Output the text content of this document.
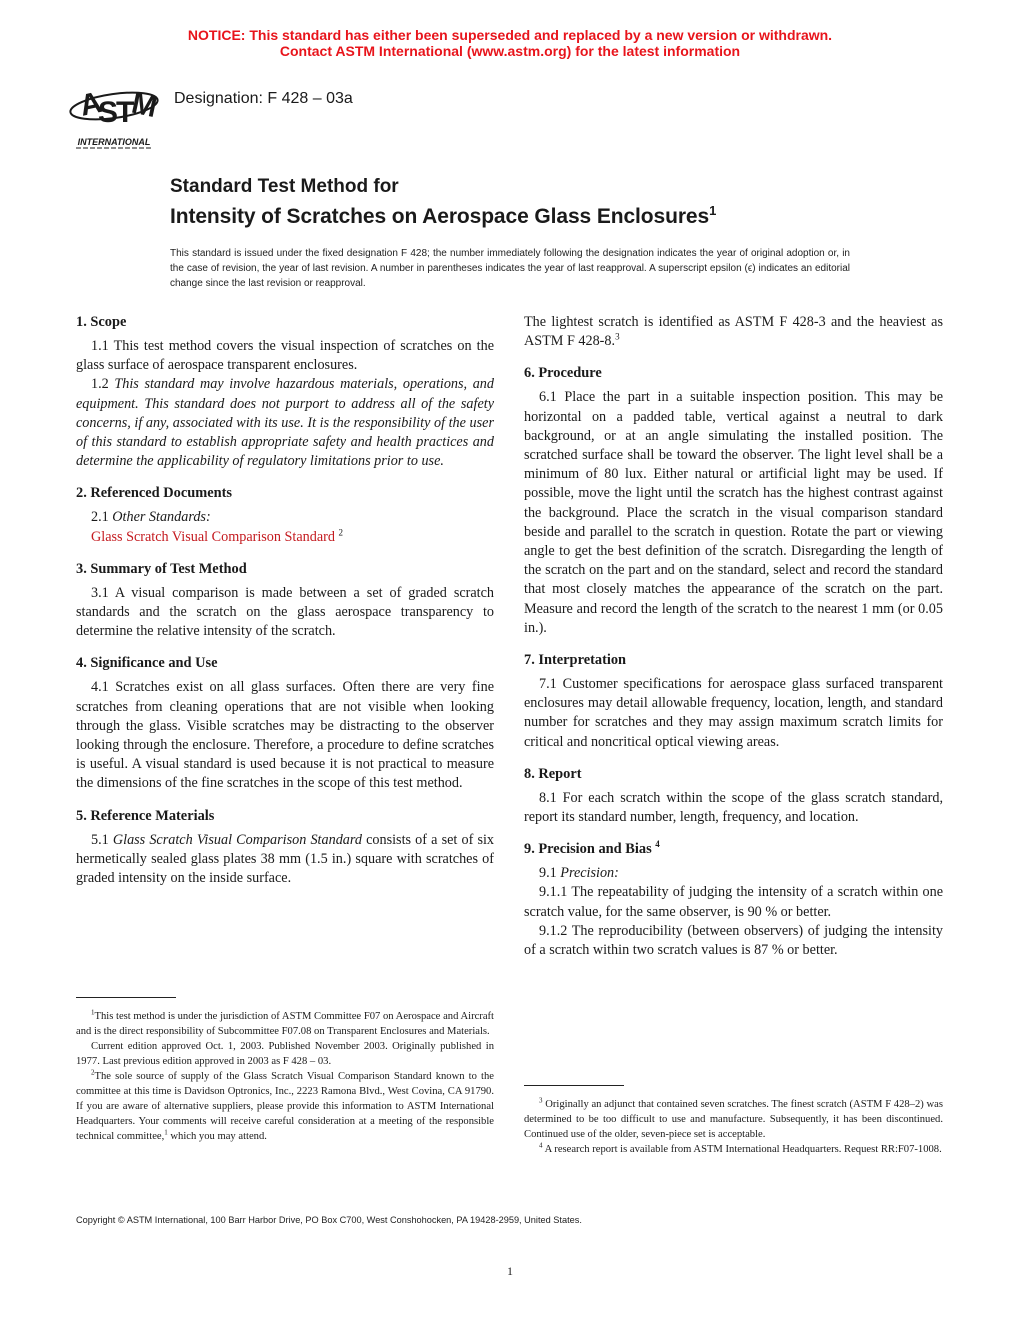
NOTICE: This standard has either been superseded and replaced by a new version or withdrawn.
Contact ASTM International (www.astm.org) for the latest information
A
S
T
M
INTERNATIONAL
Designation: F 428 – 03a
Standard Test Method for
Intensity of Scratches on Aerospace Glass Enclosures$^1$
This standard is issued under the fixed designation F 428; the number immediately following the designation indicates the year of original adoption or, in the case of revision, the year of last revision. A number in parentheses indicates the year of last reapproval. A superscript epsilon (ϵ) indicates an editorial change since the last revision or reapproval.
1. Scope

1.1 This test method covers the visual inspection of scratches on the glass surface of aerospace transparent enclosures.

1.2 This standard may involve hazardous materials, operations, and equipment. This standard does not purport to address all of the safety concerns, if any, associated with its use. It is the responsibility of the user of this standard to establish appropriate safety and health practices and determine the applicability of regulatory limitations prior to use.

2. Referenced Documents

2.1 Other Standards:

Glass Scratch Visual Comparison Standard $^2$

3. Summary of Test Method

3.1 A visual comparison is made between a set of graded scratch standards and the scratch on the glass aerospace transparency to determine the relative intensity of the scratch.

4. Significance and Use

4.1 Scratches exist on all glass surfaces. Often there are very fine scratches from cleaning operations that are not visible when looking through the glass. Visible scratches may be distracting to the observer looking through the enclosure. Therefore, a procedure to define scratches is useful. A visual standard is used because it is not practical to measure the dimensions of the fine scratches in the scope of this test method.

5. Reference Materials

5.1 Glass Scratch Visual Comparison Standard consists of a set of six hermetically sealed glass plates 38 mm (1.5 in.) square with scratches of graded intensity on the inside surface.

$^1$This test method is under the jurisdiction of ASTM Committee F07 on Aerospace and Aircraft and is the direct responsibility of Subcommittee F07.08 on Transparent Enclosures and Materials.

Current edition approved Oct. 1, 2003. Published November 2003. Originally published in 1977. Last previous edition approved in 2003 as F 428 – 03.

$^2$The sole source of supply of the Glass Scratch Visual Comparison Standard known to the committee at this time is Davidson Optronics, Inc., 2223 Ramona Blvd., West Covina, CA 91790. If you are aware of alternative suppliers, please provide this information to ASTM International Headquarters. Your comments will receive careful consideration at a meeting of the responsible technical committee,$^1$ which you may attend.

The lightest scratch is identified as ASTM F 428-3 and the heaviest as ASTM F 428-8.$^3$

6. Procedure

6.1 Place the part in a suitable inspection position. This may be horizontal on a padded table, vertical against a neutral to dark background, or at an angle simulating the installed position. The scratched surface shall be toward the observer. The light level shall be a minimum of 80 lux. Either natural or artificial light may be used. If possible, move the light until the scratch has the highest contrast against the background. Place the scratch in the visual comparison standard beside and parallel to the scratch in question. Rotate the part or viewing angle to get the best definition of the scratch. Disregarding the length of the scratch on the part and on the standard, select and record the standard that most closely matches the appearance of the scratch on the part. Measure and record the length of the scratch to the nearest 1 mm (or 0.05 in.).

7. Interpretation

7.1 Customer specifications for aerospace glass surfaced transparent enclosures may detail allowable frequency, location, length, and standard number for scratches and they may assign maximum scratch limits for critical and noncritical optical viewing areas.

8. Report

8.1 For each scratch within the scope of the glass scratch standard, report its standard number, length, frequency, and location.

9. Precision and Bias $^4$

9.1 Precision:

9.1.1 The repeatability of judging the intensity of a scratch within one scratch value, for the same observer, is 90 % or better.

9.1.2 The reproducibility (between observers) of judging the intensity of a scratch within two scratch values is 87 % or better.

$^3$ Originally an adjunct that contained seven scratches. The finest scratch (ASTM F 428–2) was determined to be too difficult to use and manufacture. Subsequently, it has been discontinued. Continued use of the older, seven-piece set is acceptable.

$^4$ A research report is available from ASTM International Headquarters. Request RR:F07-1008.

Copyright © ASTM International, 100 Barr Harbor Drive, PO Box C700, West Conshohocken, PA 19428-2959, United States.
1
